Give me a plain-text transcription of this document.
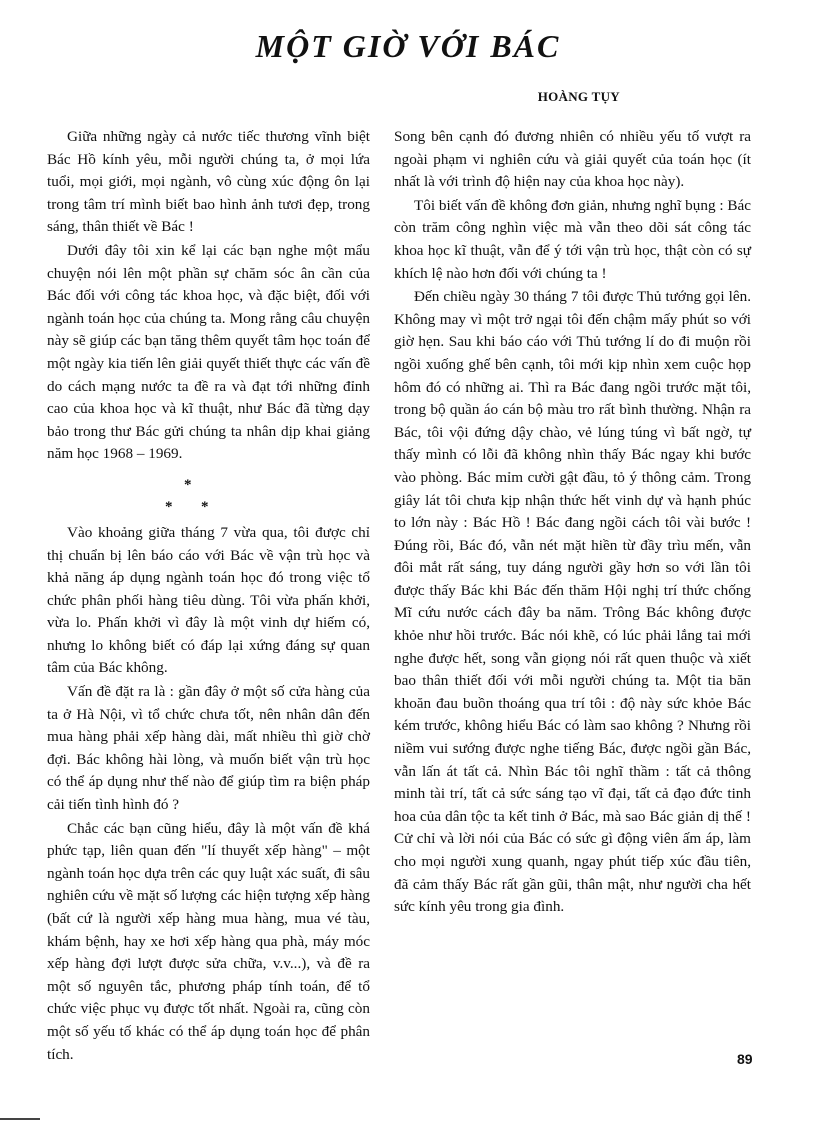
MỘT GIỜ VỚI BÁC
HOÀNG TỤY

Giữa những ngày cả nước tiếc thương vĩnh biệt Bác Hồ kính yêu, mỗi người chúng ta, ở mọi lứa tuổi, mọi giới, mọi ngành, vô cùng xúc động ôn lại trong tâm trí mình biết bao hình ảnh tươi đẹp, trong sáng, thân thiết về Bác !

Dưới đây tôi xin kể lại các bạn nghe một mẩu chuyện nói lên một phần sự chăm sóc ân cần của Bác đối với công tác khoa học, và đặc biệt, đối với ngành toán học của chúng ta. Mong rằng câu chuyện này sẽ giúp các bạn tăng thêm quyết tâm học toán để một ngày kia tiến lên giải quyết thiết thực các vấn đề do cách mạng nước ta đề ra và đạt tới những đỉnh cao của khoa học và kĩ thuật, như Bác đã từng dạy bảo trong thư Bác gửi chúng ta nhân dịp khai giảng năm học 1968 – 1969.

*
* *

Vào khoảng giữa tháng 7 vừa qua, tôi được chỉ thị chuẩn bị lên báo cáo với Bác về vận trù học và khả năng áp dụng ngành toán học đó trong việc tổ chức phân phối hàng tiêu dùng. Tôi vừa phấn khởi, vừa lo. Phấn khởi vì đây là một vinh dự hiếm có, nhưng lo không biết có đáp lại xứng đáng sự quan tâm của Bác không.

Vấn đề đặt ra là : gần đây ở một số cửa hàng của ta ở Hà Nội, vì tổ chức chưa tốt, nên nhân dân đến mua hàng phải xếp hàng dài, mất nhiều thì giờ chờ đợi. Bác không hài lòng, và muốn biết vận trù học có thể áp dụng như thế nào để giúp tìm ra biện pháp cải tiến tình hình đó ?

Chắc các bạn cũng hiểu, đây là một vấn đề khá phức tạp, liên quan đến "lí thuyết xếp hàng" – một ngành toán học dựa trên các quy luật xác suất, đi sâu nghiên cứu về mặt số lượng các hiện tượng xếp hàng (bất cứ là người xếp hàng mua hàng, mua vé tàu, khám bệnh, hay xe hơi xếp hàng qua phà, máy móc xếp hàng đợi lượt được sửa chữa, v.v...), và đề ra một số nguyên tắc, phương pháp tính toán, để tổ chức việc phục vụ được tốt nhất. Ngoài ra, cũng còn một số yếu tố khác có thể áp dụng toán học để phân tích.

Song bên cạnh đó đương nhiên có nhiều yếu tố vượt ra ngoài phạm vi nghiên cứu và giải quyết của toán học (ít nhất là với trình độ hiện nay của khoa học này).

Tôi biết vấn đề không đơn giản, nhưng nghĩ bụng : Bác còn trăm công nghìn việc mà vẫn theo dõi sát công tác khoa học kĩ thuật, vẫn để ý tới vận trù học, thật còn có sự khích lệ nào hơn đối với chúng ta !

Đến chiều ngày 30 tháng 7 tôi được Thủ tướng gọi lên. Không may vì một trở ngại tôi đến chậm mấy phút so với giờ hẹn. Sau khi báo cáo với Thủ tướng lí do đi muộn rồi ngồi xuống ghế bên cạnh, tôi mới kịp nhìn xem cuộc họp hôm đó có những ai. Thì ra Bác đang ngồi trước mặt tôi, trong bộ quần áo cán bộ màu tro rất bình thường. Nhận ra Bác, tôi vội đứng dậy chào, vẻ lúng túng vì bất ngờ, tự thấy mình có lỗi đã không nhìn thấy Bác ngay khi bước vào phòng. Bác mỉm cười gật đầu, tỏ ý thông cảm. Trong giây lát tôi chưa kịp nhận thức hết vinh dự và hạnh phúc to lớn này : Bác Hồ ! Bác đang ngồi cách tôi vài bước ! Đúng rồi, Bác đó, vẫn nét mặt hiền từ đầy trìu mến, vẫn đôi mắt rất sáng, tuy dáng người gầy hơn so với lần tôi được thấy Bác khi Bác đến thăm Hội nghị trí thức chống Mĩ cứu nước cách đây ba năm. Trông Bác không được khỏe như hồi trước. Bác nói khẽ, có lúc phải lắng tai mới nghe được hết, song vẫn giọng nói rất quen thuộc và xiết bao thân thiết đối với mỗi người chúng ta. Một tia băn khoăn đau buồn thoáng qua trí tôi : độ này sức khỏe Bác kém trước, không hiểu Bác có làm sao không ? Nhưng rồi niềm vui sướng được nghe tiếng Bác, được ngồi gần Bác, vẫn lấn át tất cả. Nhìn Bác tôi nghĩ thầm : tất cả thông minh tài trí, tất cả sức sáng tạo vĩ đại, tất cả đạo đức tinh hoa của dân tộc ta kết tinh ở Bác, mà sao Bác giản dị thế ! Cử chỉ và lời nói của Bác có sức gì động viên ấm áp, làm cho mọi người xung quanh, ngay phút tiếp xúc đầu tiên, đã cảm thấy Bác rất gần gũi, thân mật, như người cha hết sức kính yêu trong gia đình.

89
